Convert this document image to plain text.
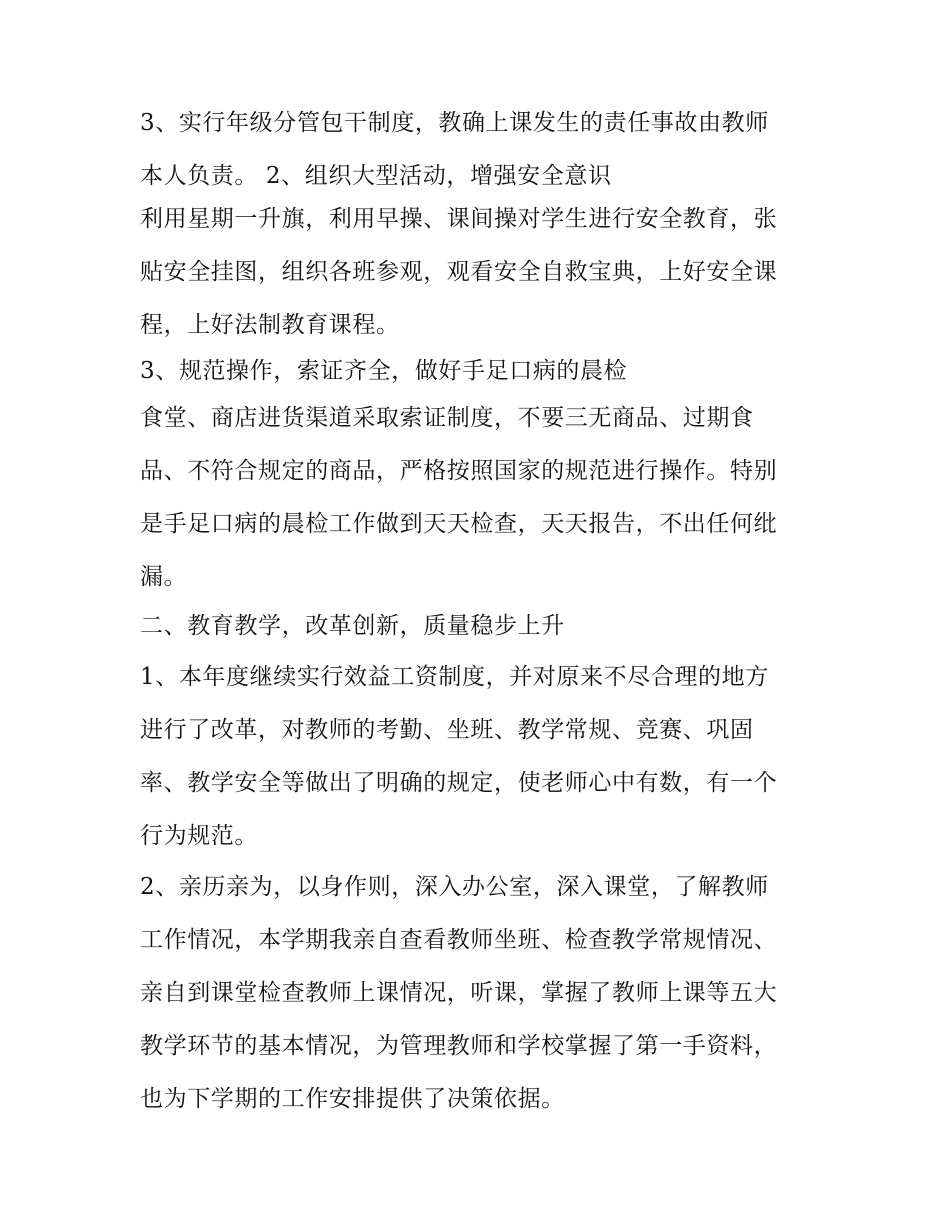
3、实行年级分管包干制度，教确上课发生的责任事故由教师
本人负责。 2、组织大型活动，增强安全意识
利用星期一升旗，利用早操、课间操对学生进行安全教育，张
贴安全挂图，组织各班参观，观看安全自救宝典，上好安全课
程，上好法制教育课程。
3、规范操作，索证齐全，做好手足口病的晨检
食堂、商店进货渠道采取索证制度，不要三无商品、过期食
品、不符合规定的商品，严格按照国家的规范进行操作。特别
是手足口病的晨检工作做到天天检查，天天报告，不出任何纰
漏。
二、教育教学，改革创新，质量稳步上升
1、本年度继续实行效益工资制度，并对原来不尽合理的地方
进行了改革，对教师的考勤、坐班、教学常规、竞赛、巩固
率、教学安全等做出了明确的规定，使老师心中有数，有一个
行为规范。
2、亲历亲为，以身作则，深入办公室，深入课堂，了解教师
工作情况，本学期我亲自查看教师坐班、检查教学常规情况、
亲自到课堂检查教师上课情况，听课，掌握了教师上课等五大
教学环节的基本情况，为管理教师和学校掌握了第一手资料，
也为下学期的工作安排提供了决策依据。
